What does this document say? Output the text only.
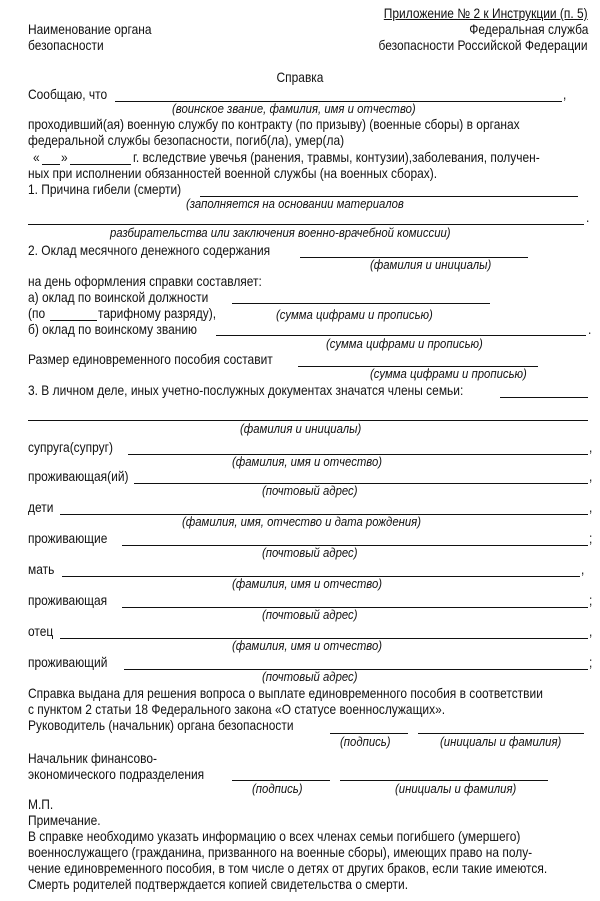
Приложение № 2 к Инструкции (п. 5)
Наименование органа
безопасности
Федеральная служба
безопасности Российской Федерации
Справка
Сообщаю, что	,
(воинское звание, фамилия, имя и отчество)
проходивший(ая) военную службу по контракту (по призыву) (военные сборы) в органах
федеральной службы безопасности, погиб(ла), умер(ла)
« »	г. вследствие увечья (ранения, травмы, контузии),заболевания, получен-
ных при исполнении обязанностей военной службы (на военных сборах).
1. Причина гибели (смерти)
(заполняется на основании материалов
.
разбирательства или заключения военно-врачебной комиссии)
2. Оклад месячного денежного содержания
(фамилия и инициалы)
на день оформления справки составляет:
а) оклад по воинской должности
(по	тарифному разряду),	(сумма цифрами и прописью)
б) оклад по воинскому званию	.
(сумма цифрами и прописью)
Размер единовременного пособия составит
(сумма цифрами и прописью)
3. В личном деле, иных учетно-послужных документах значатся члены семьи:
(фамилия и инициалы)
супруга(супруг)	,
(фамилия, имя и отчество)
проживающая(ий)	,
(почтовый адрес)
дети	,
(фамилия, имя, отчество и дата рождения)
проживающие	;
(почтовый адрес)
мать	,
(фамилия, имя и отчество)
проживающая	;
(почтовый адрес)
отец	,
(фамилия, имя и отчество)
проживающий	;
(почтовый адрес)
Справка выдана для решения вопроса о выплате единовременного пособия в соответствии
с пунктом 2 статьи 18 Федерального закона «О статусе военнослужащих».
Руководитель (начальник) органа безопасности
(подпись)	(инициалы и фамилия)
Начальник финансово-
экономического подразделения
(подпись)	(инициалы и фамилия)
М.П.
Примечание.
В справке необходимо указать информацию о всех членах семьи погибшего (умершего)
военнослужащего (гражданина, призванного на военные сборы), имеющих право на полу-
чение единовременного пособия, в том числе о детях от других браков, если такие имеются.
Смерть родителей подтверждается копией свидетельства о смерти.
